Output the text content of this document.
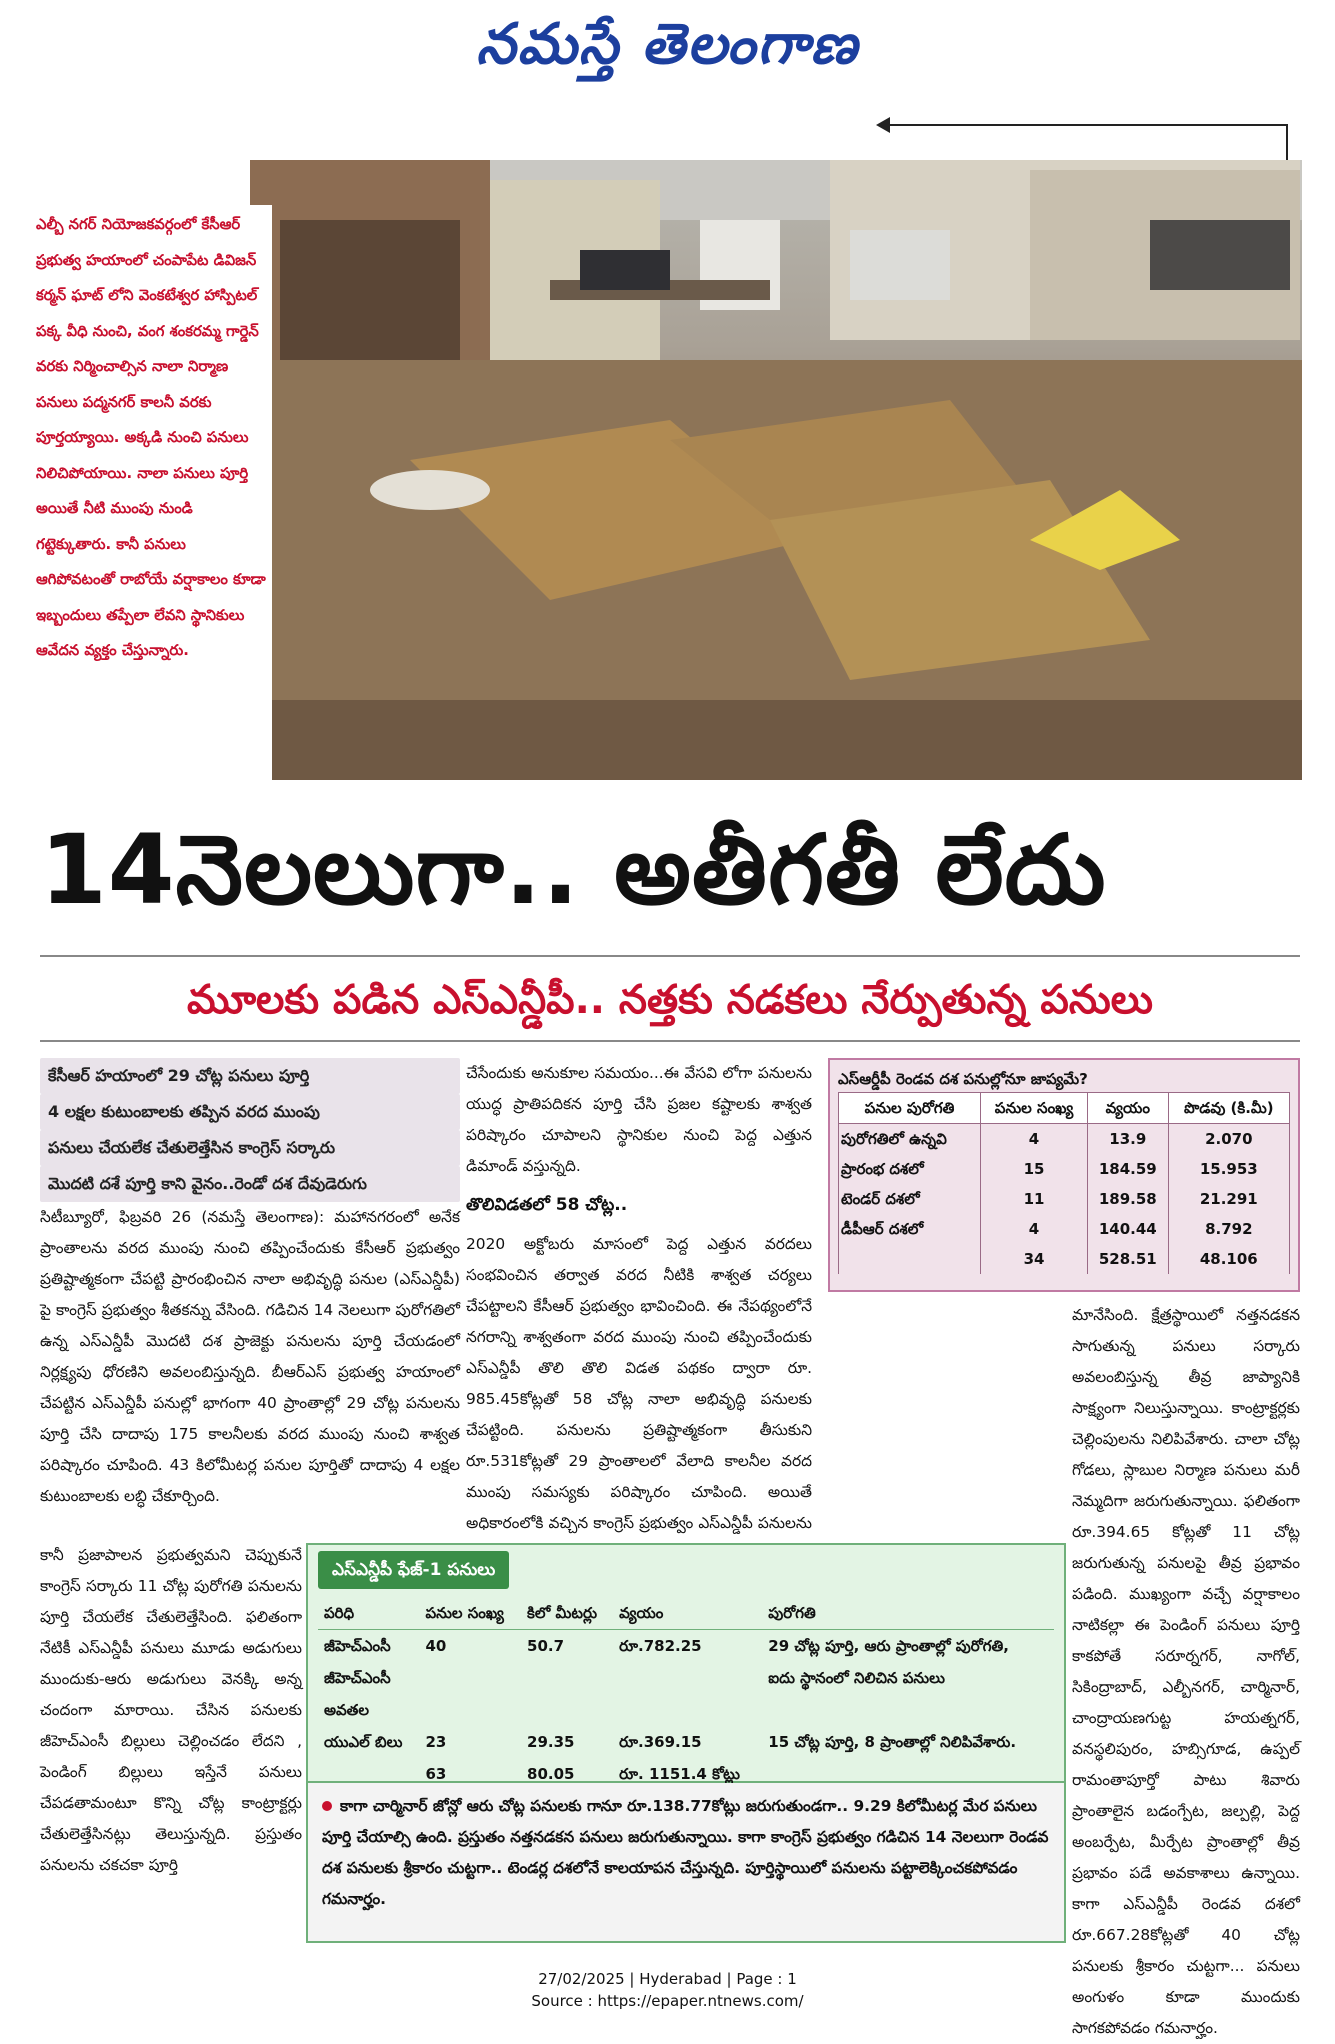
నమస్తే తెలంగాణ

ఎల్బీ నగర్ నియోజకవర్గంలో కేసీఆర్ ప్రభుత్వ హయాంలో చంపాపేట డివిజన్ కర్మన్ ఘాట్ లోని వెంకటేశ్వర హాస్పిటల్ పక్క వీధి నుంచి, వంగ శంకరమ్మ గార్డెన్ వరకు నిర్మించాల్సిన నాలా నిర్మాణ పనులు పద్మనగర్ కాలనీ వరకు పూర్తయ్యాయి. అక్కడి నుంచి పనులు నిలిచిపోయాయి. నాలా పనులు పూర్తి అయితే నీటి ముంపు నుండి గట్టెక్కుతారు. కానీ పనులు ఆగిపోవటంతో రాబోయే వర్షాకాలం కూడా ఇబ్బందులు తప్పేలా లేవని స్థానికులు ఆవేదన వ్యక్తం చేస్తున్నారు.

14నెలలుగా.. అతీగతీ లేదు
మూలకు పడిన ఎస్ఎన్డీపీ.. నత్తకు నడకలు నేర్పుతున్న పనులు

కేసీఆర్ హయాంలో 29 చోట్ల పనులు పూర్తి

4 లక్షల కుటుంబాలకు తప్పిన వరద ముంపు

పనులు చేయలేక చేతులెత్తేసిన కాంగ్రెస్ సర్కారు

మొదటి దశే పూర్తి కాని వైనం..రెండో దశ దేవుడెరుగు

సిటీబ్యూరో, ఫిబ్రవరి 26 (నమస్తే తెలంగాణ): మహానగరంలో అనేక ప్రాంతాలను వరద ముంపు నుంచి తప్పించేందుకు కేసీఆర్ ప్రభుత్వం ప్రతిష్టాత్మకంగా చేపట్టి ప్రారంభించిన నాలా అభివృద్ధి పనుల (ఎస్ఎన్డీపీ) పై కాంగ్రెస్ ప్రభుత్వం శీతకన్ను వేసింది. గడిచిన 14 నెలలుగా పురోగతిలో ఉన్న ఎస్ఎన్డీపీ మొదటి దశ ప్రాజెక్టు పనులను పూర్తి చేయడంలో నిర్లక్ష్యపు ధోరణిని అవలంబిస్తున్నది. బీఆర్ఎస్ ప్రభుత్వ హయాంలో చేపట్టిన ఎస్ఎన్డీపీ పనుల్లో భాగంగా 40 ప్రాంతాల్లో 29 చోట్ల పనులను పూర్తి చేసి దాదాపు 175 కాలనీలకు వరద ముంపు నుంచి శాశ్వత పరిష్కారం చూపింది. 43 కిలోమీటర్ల పనుల పూర్తితో దాదాపు 4 లక్షల కుటుంబాలకు లబ్ధి చేకూర్చింది.

కానీ ప్రజాపాలన ప్రభుత్వమని చెప్పుకునే కాంగ్రెస్ సర్కారు 11 చోట్ల పురోగతి పనులను పూర్తి చేయలేక చేతులెత్తేసింది. ఫలితంగా నేటికీ ఎస్ఎన్డీపీ పనులు మూడు అడుగులు ముందుకు-ఆరు అడుగులు వెనక్కి అన్న చందంగా మారాయి. చేసిన పనులకు జీహెచ్ఎంసీ బిల్లులు చెల్లించడం లేదని , పెండింగ్ బిల్లులు ఇస్తేనే పనులు చేపడతామంటూ కొన్ని చోట్ల కాంట్రాక్టర్లు చేతులెత్తేసినట్లు తెలుస్తున్నది. ప్రస్తుతం పనులను చకచకా పూర్తి

చేసేందుకు అనుకూల సమయం...ఈ వేసవి లోగా పనులను యుద్ధ ప్రాతిపదికన పూర్తి చేసి ప్రజల కష్టాలకు శాశ్వత పరిష్కారం చూపాలని స్థానికుల నుంచి పెద్ద ఎత్తున డిమాండ్ వస్తున్నది.

తొలివిడతలో 58 చోట్ల..

2020 అక్టోబరు మాసంలో పెద్ద ఎత్తున వరదలు సంభవించిన తర్వాత వరద నీటికి శాశ్వత చర్యలు చేపట్టాలని కేసీఆర్ ప్రభుత్వం భావించింది. ఈ నేపథ్యంలోనే నగరాన్ని శాశ్వతంగా వరద ముంపు నుంచి తప్పించేందుకు ఎస్ఎన్డీపీ తొలి తొలి విడత పథకం ద్వారా రూ. 985.45కోట్లతో 58 చోట్ల నాలా అభివృద్ధి పనులకు చేపట్టింది. పనులను ప్రతిష్టాత్మకంగా తీసుకుని రూ.531కోట్లతో 29 ప్రాంతాలలో వేలాది కాలనీల వరద ముంపు సమస్యకు పరిష్కారం చూపింది. అయితే అధికారంలోకి వచ్చిన కాంగ్రెస్ ప్రభుత్వం ఎస్ఎన్డీపీ పనులను

మానేసింది. క్షేత్రస్థాయిలో నత్తనడకన సాగుతున్న పనులు సర్కారు అవలంబిస్తున్న తీవ్ర జాప్యానికి సాక్ష్యంగా నిలుస్తున్నాయి. కాంట్రాక్టర్లకు చెల్లింపులను నిలిపివేశారు. చాలా చోట్ల గోడలు, స్లాబుల నిర్మాణ పనులు మరీ నెమ్మదిగా జరుగుతున్నాయి. ఫలితంగా రూ.394.65 కోట్లతో 11 చోట్ల జరుగుతున్న పనులపై తీవ్ర ప్రభావం పడింది. ముఖ్యంగా వచ్చే వర్షాకాలం నాటికల్లా ఈ పెండింగ్ పనులు పూర్తి కాకపోతే సరూర్నగర్, నాగోల్, సికింద్రాబాద్, ఎల్బీనగర్, చార్మినార్, చాంద్రాయణగుట్ట హయత్నగర్, వనస్థలిపురం, హబ్సిగూడ, ఉప్పల్ రామంతాపూర్తో పాటు శివారు ప్రాంతాలైన బడంగ్పేట, జల్పల్లి, పెద్ద అంబర్పేట, మీర్పేట ప్రాంతాల్లో తీవ్ర ప్రభావం పడే అవకాశాలు ఉన్నాయి. కాగా ఎస్ఎన్డీపీ రెండవ దశలో రూ.667.28కోట్లతో 40 చోట్ల పనులకు శ్రీకారం చుట్టగా... పనులు అంగుళం కూడా ముందుకు సాగకపోవడం గమనార్హం.

ఎస్ఆర్డీపీ రెండవ దశ పనుల్లోనూ జాప్యమే?
పనుల పురోగతి	పనుల సంఖ్య	వ్యయం	పొడవు (కి.మీ)
పురోగతిలో ఉన్నవి	4	13.9	2.070
ప్రారంభ దశలో	15	184.59	15.953
టెండర్ దశలో	11	189.58	21.291
డీపీఆర్ దశలో	4	140.44	8.792
	34	528.51	48.106
ఎస్ఎన్డీపీ ఫేజ్-1 పనులు
పరిధి	పనుల సంఖ్య	కిలో మీటర్లు	వ్యయం	పురోగతి
జీహెచ్ఎంసీ	40	50.7	రూ.782.25	29 చోట్ల పూర్తి, ఆరు ప్రాంతాల్లో పురోగతి,
జీహెచ్ఎంసీ				ఐదు స్థానంలో నిలిచిన పనులు
అవతల				
యుఎల్ బిలు	23	29.35	రూ.369.15	15 చోట్ల పూర్తి, 8 ప్రాంతాల్లో నిలిపివేశారు.
	63	80.05	రూ. 1151.4 కోట్లు	

కాగా చార్మినార్ జోన్లో ఆరు చోట్ల పనులకు గానూ రూ.138.77కోట్లు జరుగుతుండగా.. 9.29 కిలోమీటర్ల మేర పనులు పూర్తి చేయాల్సి ఉంది. ప్రస్తుతం నత్తనడకన పనులు జరుగుతున్నాయి. కాగా కాంగ్రెస్ ప్రభుత్వం గడిచిన 14 నెలలుగా రెండవ దశ పనులకు శ్రీకారం చుట్టగా.. టెండర్ల దశలోనే కాలయాపన చేస్తున్నది. పూర్తిస్థాయిలో పనులను పట్టాలెక్కించకపోవడం గమనార్హం.

27/02/2025 | Hyderabad | Page : 1
Source : https://epaper.ntnews.com/
